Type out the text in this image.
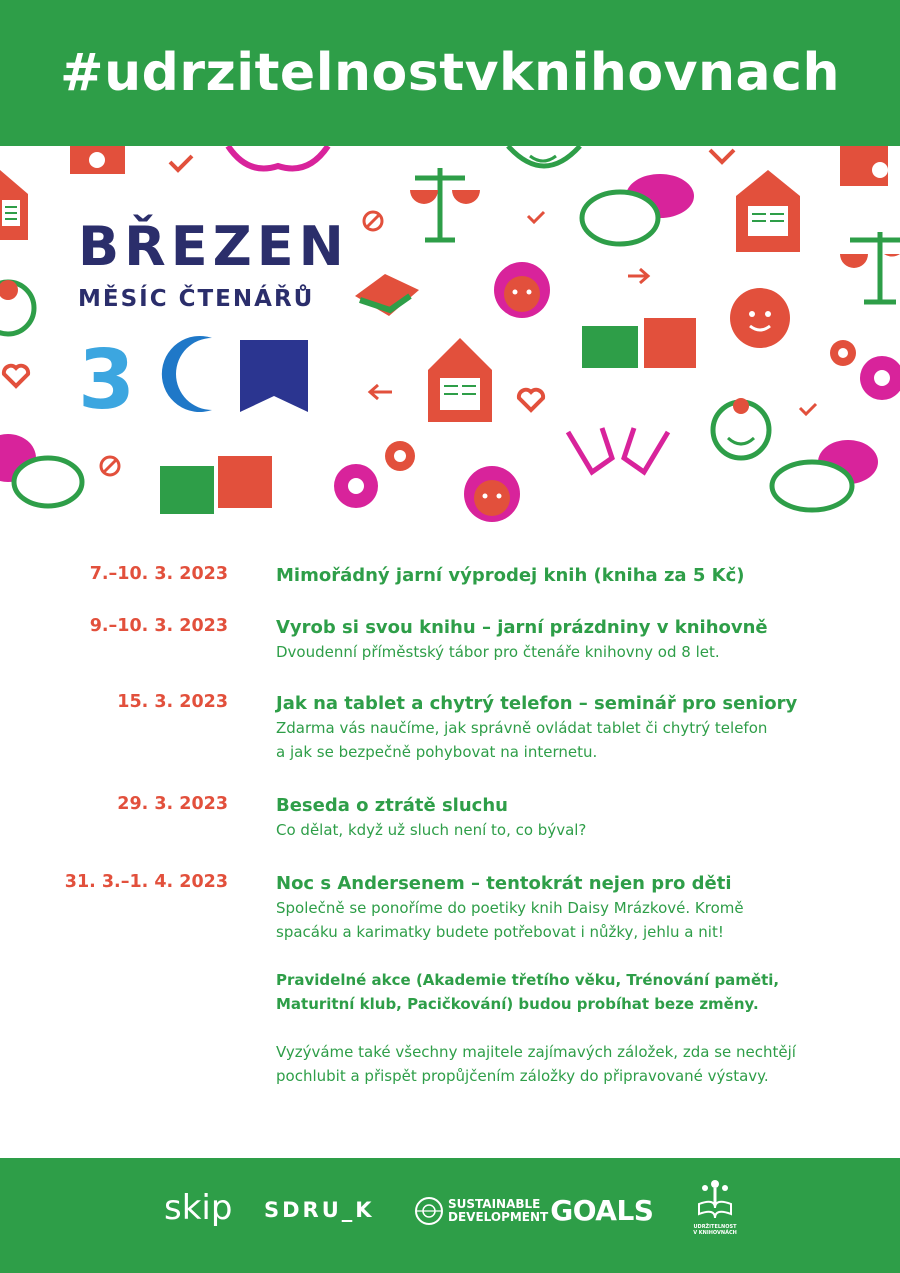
#udrzitelnostvknihovnach
3
BŘEZEN
MĚSÍC ČTENÁŘŮ
7.–10. 3. 2023	Mimořádný jarní výprodej knih (kniha za 5 Kč)
9.–10. 3. 2023	Vyrob si svou knihu – jarní prázdniny v knihovně
Dvoudenní příměstský tábor pro čtenáře knihovny od 8 let.
15. 3. 2023	Jak na tablet a chytrý telefon – seminář pro seniory
Zdarma vás naučíme, jak správně ovládat tablet či chytrý telefon
a jak se bezpečně pohybovat na internetu.
29. 3. 2023	Beseda o ztrátě sluchu
Co dělat, když už sluch není to, co býval?
31. 3.–1. 4. 2023	Noc s Andersenem – tentokrát nejen pro děti
Společně se ponoříme do poetiky knih Daisy Mrázkové. Kromě
spacáku a karimatky budete potřebovat i nůžky, jehlu a nit!
Pravidelné akce (Akademie třetího věku, Trénování paměti,
Maturitní klub, Pacičkování) budou probíhat beze změny.
Vyzýváme také všechny majitele zajímavých záložek, zda se nechtějí
pochlubit a přispět propůjčením záložky do připravované výstavy.
skip SDRU_K	SUSTAINABLE
DEVELOPMENT GOALS	UDRŽITELNOST
V KNIHOVNÁCH
